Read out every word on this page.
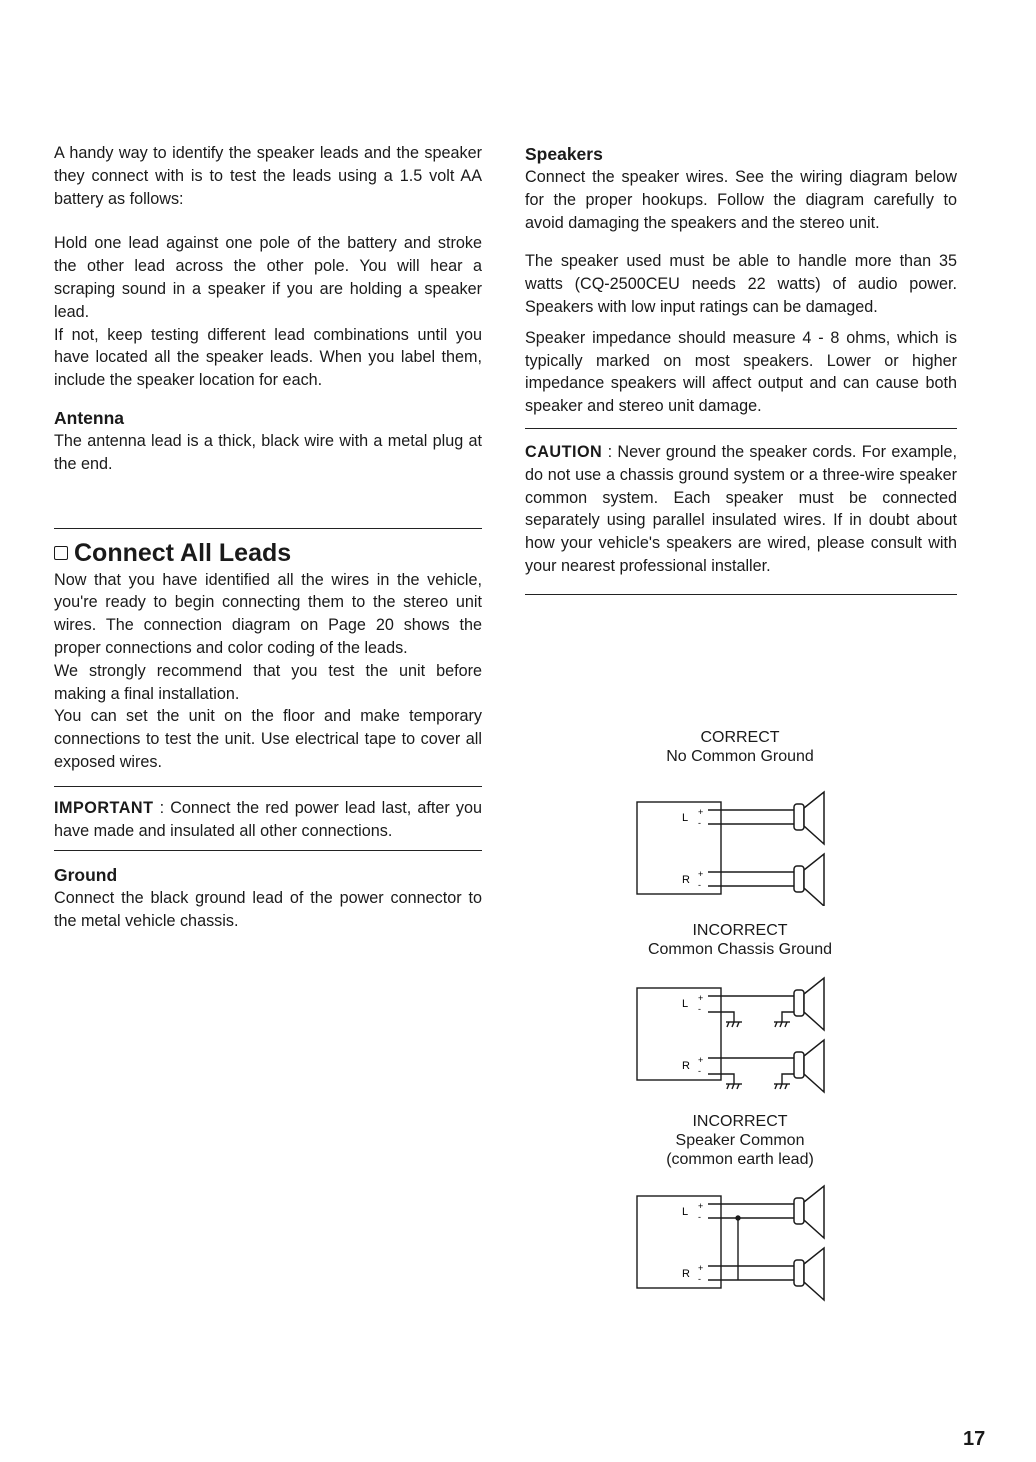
A handy way to identify the speaker leads and the speaker they connect with is to test the leads using a 1.5 volt AA battery as follows:

Hold one lead against one pole of the battery and stroke the other lead across the other pole. You will hear a scraping sound in a speaker if you are holding a speaker lead.

If not, keep testing different lead combinations until you have located all the speaker leads. When you label them, include the speaker location for each.

Antenna

The antenna lead is a thick, black wire with a metal plug at the end.

Connect All Leads

Now that you have identified all the wires in the vehicle, you're ready to begin connecting them to the stereo unit wires. The connection diagram on Page 20 shows the proper connections and color coding of the leads.

We strongly recommend that you test the unit before making a final installation.

You can set the unit on the floor and make temporary connections to test the unit. Use electrical tape to cover all exposed wires.

IMPORTANT : Connect the red power lead last, after you have made and insulated all other connections.

Ground

Connect the black ground lead of the power connector to the metal vehicle chassis.

Speakers

Connect the speaker wires. See the wiring diagram below for the proper hookups. Follow the diagram carefully to avoid damaging the speakers and the stereo unit.

The speaker used must be able to handle more than 35 watts (CQ-2500CEU needs 22 watts) of audio power. Speakers with low input ratings can be damaged.

Speaker impedance should measure 4 - 8 ohms, which is typically marked on most speakers. Lower or higher impedance speakers will affect output and can cause both speaker and stereo unit damage.

CAUTION : Never ground the speaker cords. For example, do not use a chassis ground system or a three-wire speaker common system. Each speaker must be connected separately using parallel insulated wires. If in doubt about how your vehicle's speakers are wired, please consult with your nearest professional installer.

CORRECT
No Common Ground
L +
-
R +
-
INCORRECT
Common Chassis Ground
L +
-
R +
-
INCORRECT
Speaker Common
(common earth lead)
L +
-
R +
-
17
